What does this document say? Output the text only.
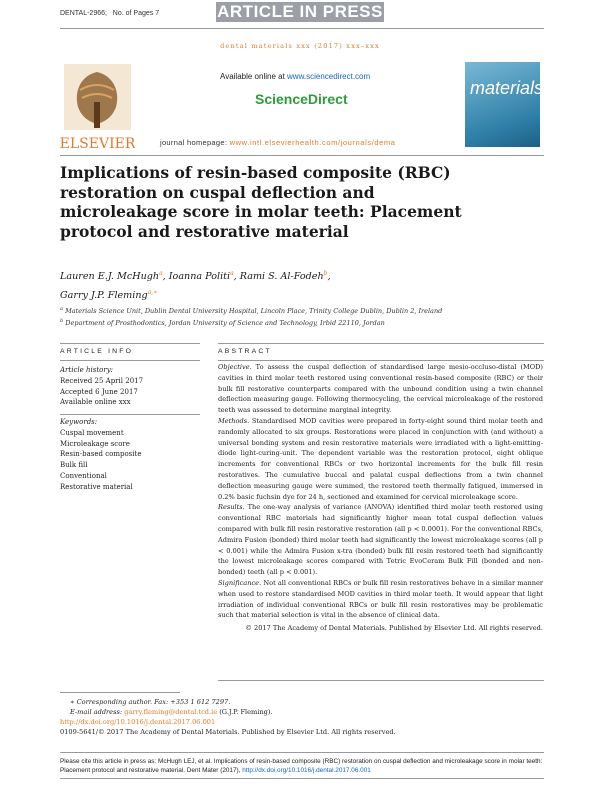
DENTAL-2966; No. of Pages 7	ARTICLE IN PRESS
dental materials xxx (2017) xxx–xxx
ELSEVIER
Available online at www.sciencedirect.com
ScienceDirect
journal homepage: www.intl.elsevierhealth.com/journals/dema
materials
Implications of resin-based composite (RBC) restoration on cuspal deflection and microleakage score in molar teeth: Placement protocol and restorative material
Lauren E.J. McHugh$^a$, Ioanna Politi$^a$, Rami S. Al-Fodeh$^b$,
Garry J.P. Fleming$^{a,∗}$
$^a$ Materials Science Unit, Dublin Dental University Hospital, Lincoln Place, Trinity College Dublin, Dublin 2, Ireland
$^b$ Department of Prosthodontics, Jordan University of Science and Technology, Irbid 22110, Jordan
ARTICLE INFO
Article history:
Received 25 April 2017
Accepted 6 June 2017
Available online xxx
Keywords:
Cuspal movement
Microleakage score
Resin-based composite
Bulk fill
Conventional
Restorative material
ABSTRACT

Objective. To assess the cuspal deflection of standardised large mesio-occluso-distal (MOD) cavities in third molar teeth restored using conventional resin-based composite (RBC) or their bulk fill restorative counterparts compared with the unbound condition using a twin channel deflection measuring gauge. Following thermocycling, the cervical microleakage of the restored teeth was assessed to determine marginal integrity.

Methods. Standardised MOD cavities were prepared in forty-eight sound third molar teeth and randomly allocated to six groups. Restorations were placed in conjunction with (and without) a universal bonding system and resin restorative materials were irradiated with a light-emitting-diode light-curing-unit. The dependent variable was the restoration protocol, eight oblique increments for conventional RBCs or two horizontal increments for the bulk fill resin restoratives. The cumulative buccal and palatal cuspal deflections from a twin channel deflection measuring gauge were summed, the restored teeth thermally fatigued, immersed in 0.2% basic fuchsin dye for 24 h, sectioned and examined for cervical microleakage score.

Results. The one-way analysis of variance (ANOVA) identified third molar teeth restored using conventional RBC materials had significantly higher mean total cuspal deflection values compared with bulk fill resin restorative restoration (all p < 0.0001). For the conventional RBCs, Admira Fusion (bonded) third molar teeth had significantly the lowest microleakage scores (all p < 0.001) while the Admira Fusion x-tra (bonded) bulk fill resin restored teeth had significantly the lowest microleakage scores compared with Tetric EvoCeram Bulk Fill (bonded and non-bonded) teeth (all p < 0.001).

Significance. Not all conventional RBCs or bulk fill resin restoratives behave in a similar manner when used to restore standardised MOD cavities in third molar teeth. It would appear that light irradiation of individual conventional RBCs or bulk fill resin restoratives may be problematic such that material selection is vital in the absence of clinical data.

© 2017 The Academy of Dental Materials. Published by Elsevier Ltd. All rights reserved.

∗ Corresponding author. Fax: +353 1 612 7297.
E-mail address: garry.fleming@dental.tcd.ie (G.J.P. Fleming).
http://dx.doi.org/10.1016/j.dental.2017.06.001
0109-5641/© 2017 The Academy of Dental Materials. Published by Elsevier Ltd. All rights reserved.
Please cite this article in press as: McHugh LEJ, et al. Implications of resin-based composite (RBC) restoration on cuspal deflection and microleakage score in molar teeth: Placement protocol and restorative material. Dent Mater (2017), http://dx.doi.org/10.1016/j.dental.2017.06.001
